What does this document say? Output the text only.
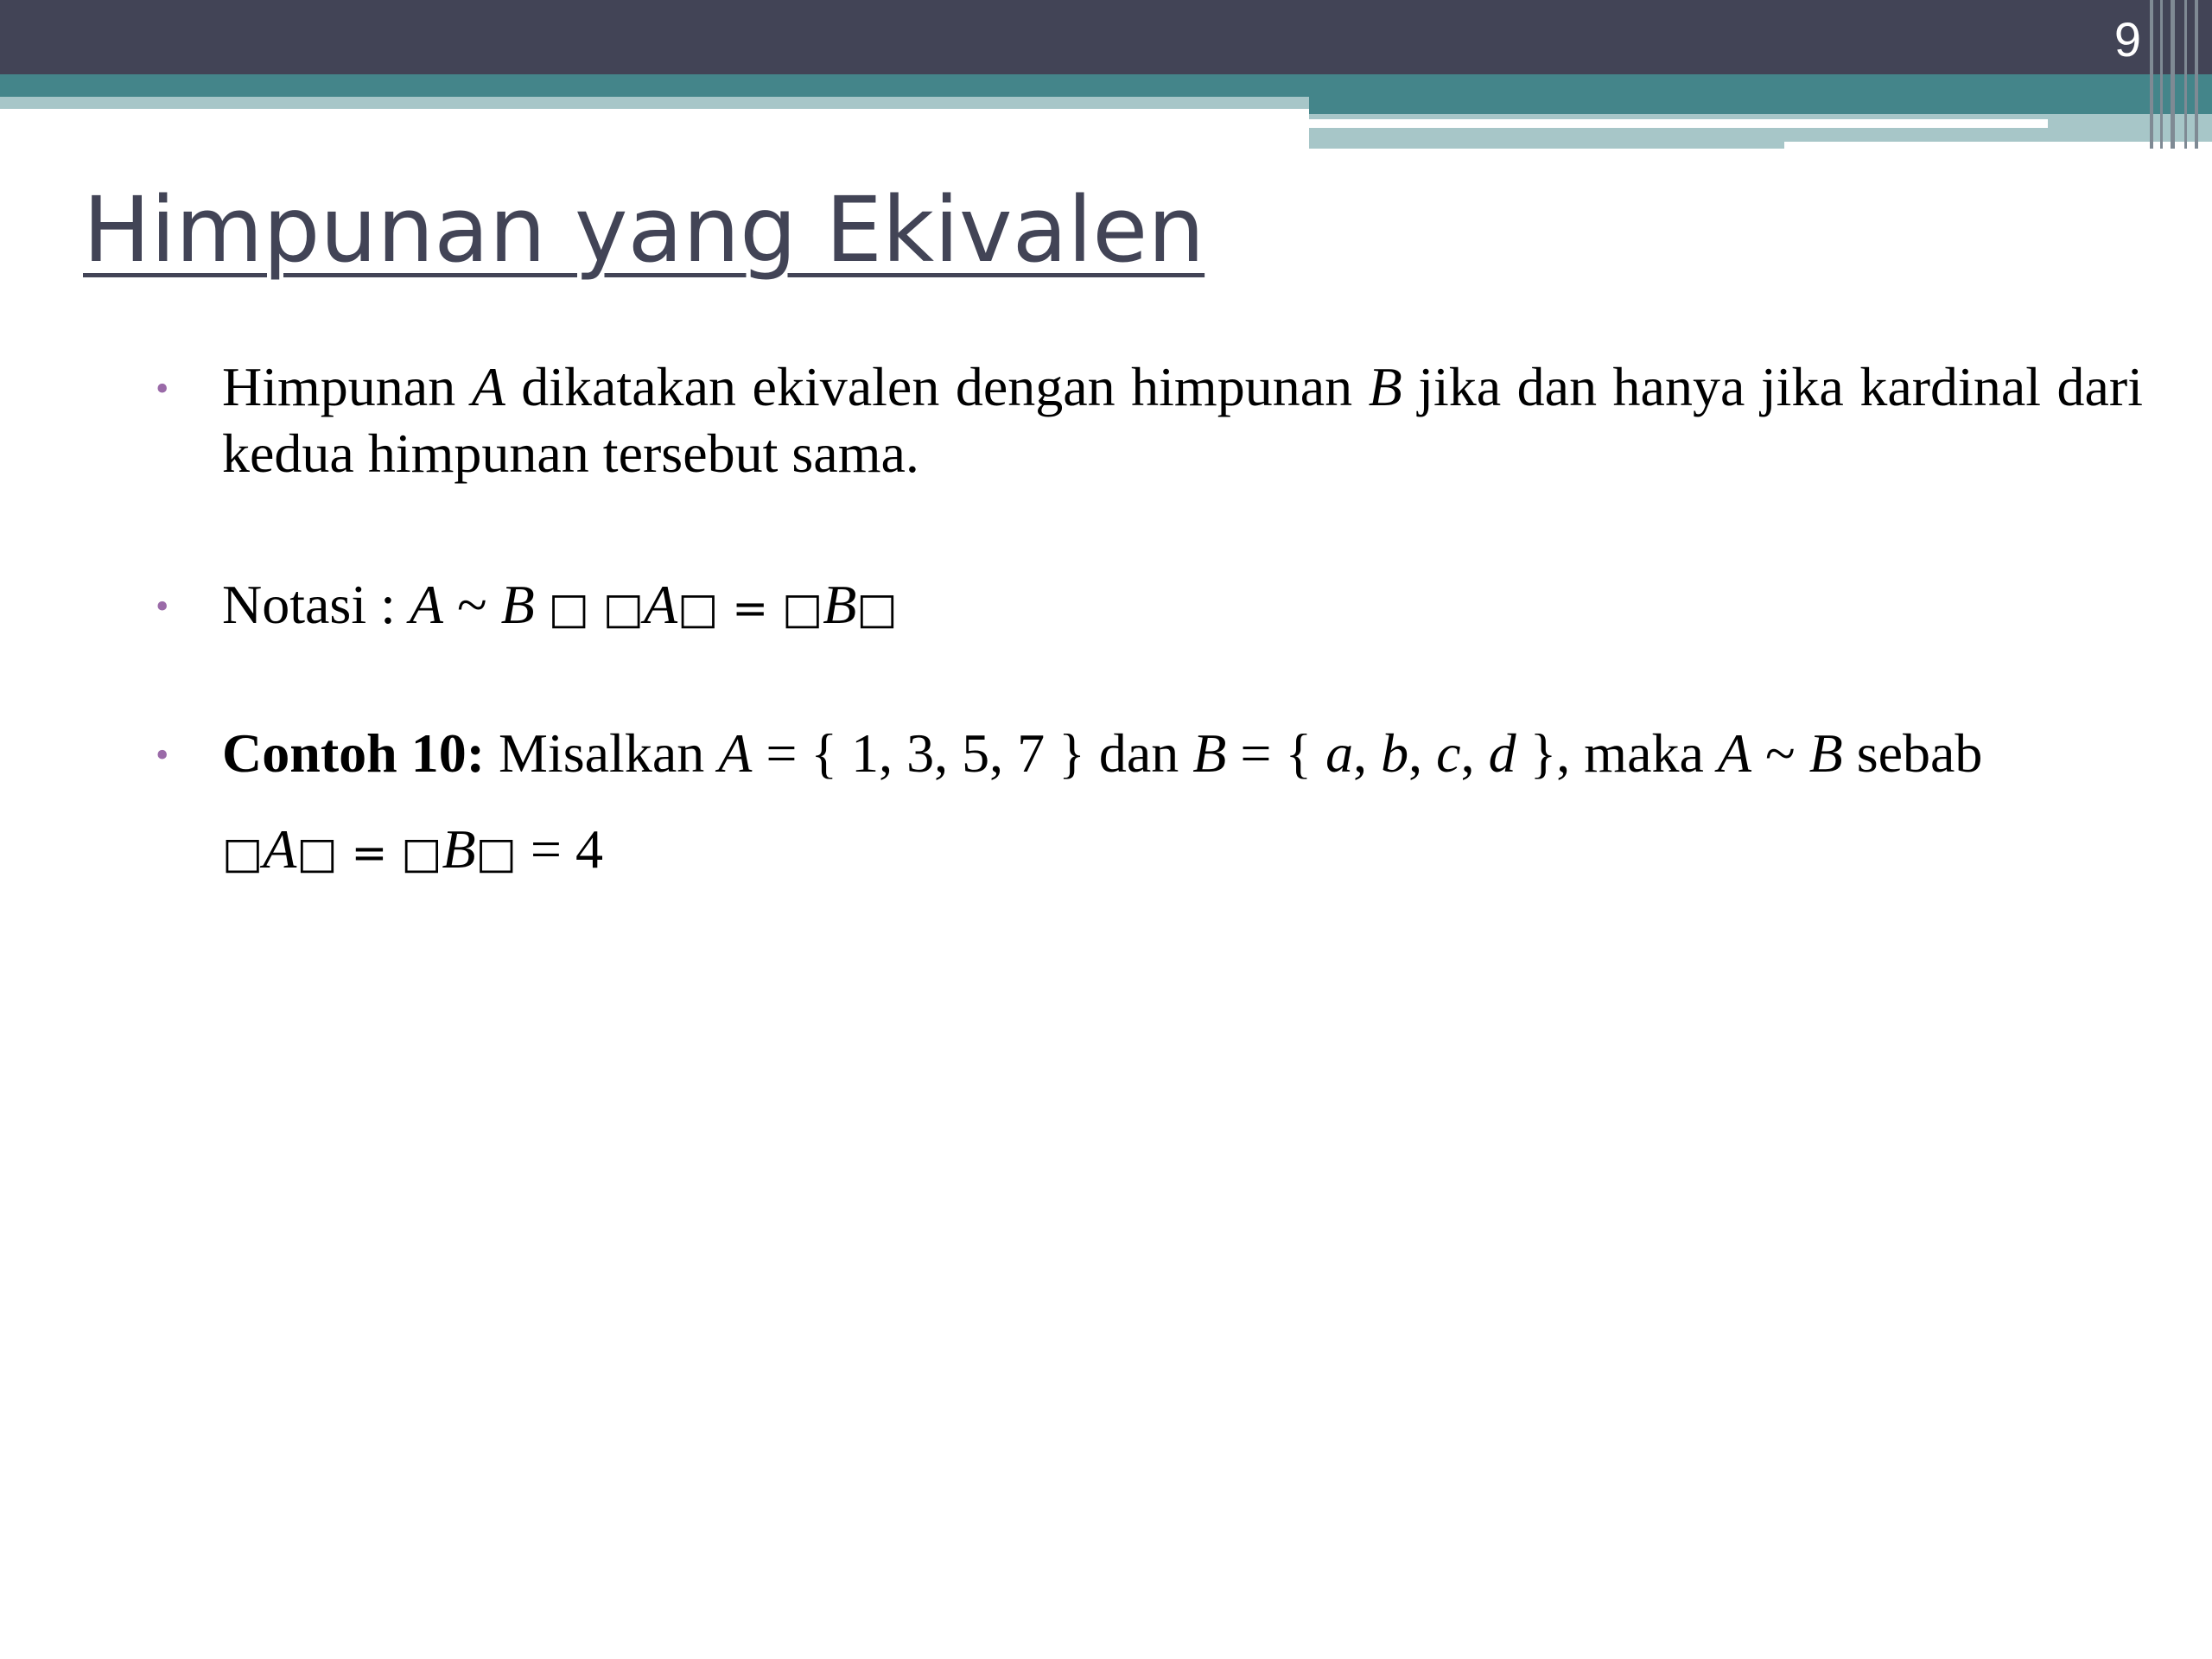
9
Himpunan yang Ekivalen
• Himpunan A dikatakan ekivalen dengan himpunan B jika dan hanya jika kardinal dari kedua himpunan tersebut sama.
• Notasi : A ~ B □ □A□ = □B□
• Contoh 10: Misalkan A = { 1, 3, 5, 7 } dan B = { a, b, c, d }, maka A ~ B sebab
□A□ = □B□ = 4
